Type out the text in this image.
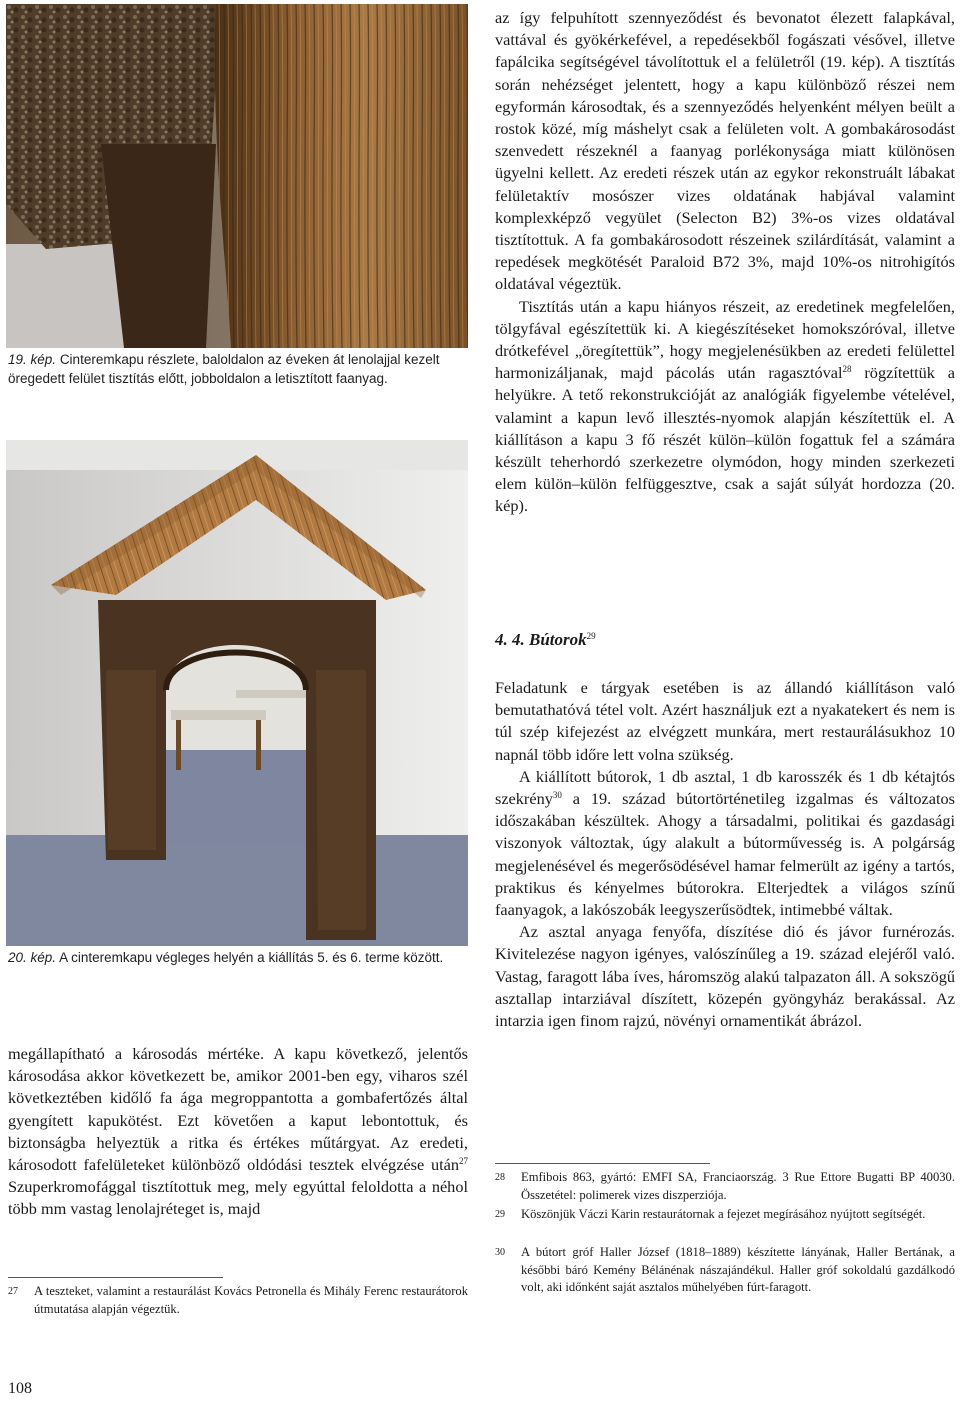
19. kép. Cinteremkapu részlete, baloldalon az éveken át lenolajjal kezelt öregedett felület tisztítás előtt, jobboldalon a letisztított faanyag.
20. kép. A cinteremkapu végleges helyén a kiállítás 5. és 6. terme között.

megállapítható a károsodás mértéke. A kapu következő, jelentős károsodása akkor következett be, amikor 2001-ben egy, viharos szél következtében kidőlő fa ága megroppantotta a gombafertőzés által gyengített kapukötést. Ezt követően a kaput lebontottuk, és biztonságba helyeztük a ritka és értékes műtárgyat. Az eredeti, károsodott fafelületeket különböző oldódási tesztek elvégzése után$^{27}$ Szuperkromofággal tisztítottuk meg, mely egyúttal feloldotta a néhol több mm vastag lenolajréteget is, majd

27	A teszteket, valamint a restaurálást Kovács Petronella és Mihály Ferenc restaurátorok útmutatása alapján végeztük.

az így felpuhított szennyeződést és bevonatot élezett falapkával, vattával és gyökérkefével, a repedésekből fogászati vésővel, illetve fapálcika segítségével távolítottuk el a felületről (19. kép). A tisztítás során nehézséget jelentett, hogy a kapu különböző részei nem egyformán károsodtak, és a szennyeződés helyenként mélyen beült a rostok közé, míg máshelyt csak a felületen volt. A gombakárosodást szenvedett részeknél a faanyag porlékonysága miatt különösen ügyelni kellett. Az eredeti részek után az egykor rekonstruált lábakat felületaktív mosószer vizes oldatának habjával valamint komplexképző vegyület (Selecton B2) 3%-os vizes oldatával tisztítottuk. A fa gombakárosodott részeinek szilárdítását, valamint a repedések megkötését Paraloid B72 3%, majd 10%-os nitrohigítós oldatával végeztük.

Tisztítás után a kapu hiányos részeit, az eredetinek megfelelően, tölgyfával egészítettük ki. A kiegészítéseket homokszóróval, illetve drótkefével „öregítettük”, hogy megjelenésükben az eredeti felülettel harmonizáljanak, majd pácolás után ragasztóval$^{28}$ rögzítettük a helyükre. A tető rekonstrukcióját az analógiák figyelembe vételével, valamint a kapun levő illesztés-nyomok alapján készítettük el. A kiállításon a kapu 3 fő részét külön–külön fogattuk fel a számára készült teherhordó szerkezetre olymódon, hogy minden szerkezeti elem külön–külön felfüggesztve, csak a saját súlyát hordozza (20. kép).

4. 4. Bútorok$^{29}$

Feladatunk e tárgyak esetében is az állandó kiállításon való bemutathatóvá tétel volt. Azért használjuk ezt a nyakatekert és nem is túl szép kifejezést az elvégzett munkára, mert restaurálásukhoz 10 napnál több időre lett volna szükség.

A kiállított bútorok, 1 db asztal, 1 db karosszék és 1 db kétajtós szekrény$^{30}$ a 19. század bútortörténetileg izgalmas és változatos időszakában készültek. Ahogy a társadalmi, politikai és gazdasági viszonyok változtak, úgy alakult a bútorművesség is. A polgárság megjelenésével és megerősödésével hamar felmerült az igény a tartós, praktikus és kényelmes bútorokra. Elterjedtek a világos színű faanyagok, a lakószobák leegyszerűsödtek, intimebbé váltak.

Az asztal anyaga fenyőfa, díszítése dió és jávor furnérozás. Kivitelezése nagyon igényes, valószínűleg a 19. század elejéről való. Vastag, faragott lába íves, háromszög alakú talpazaton áll. A sokszögű asztallap intarziával díszített, közepén gyöngyház berakással. Az intarzia igen finom rajzú, növényi ornamentikát ábrázol.

28	Emfibois 863, gyártó: EMFI SA, Franciaország. 3 Rue Ettore Bugatti BP 40030. Összetétel: polimerek vizes diszperziója.
29	Köszönjük Váczi Karin restaurátornak a fejezet megírásához nyújtott segítségét.
30	A bútort gróf Haller József (1818–1889) készítette lányának, Haller Bertának, a későbbi báró Kemény Bélánénak nászajándékul. Haller gróf sokoldalú gazdálkodó volt, aki időnként saját asztalos műhelyében fúrt-faragott.
108
